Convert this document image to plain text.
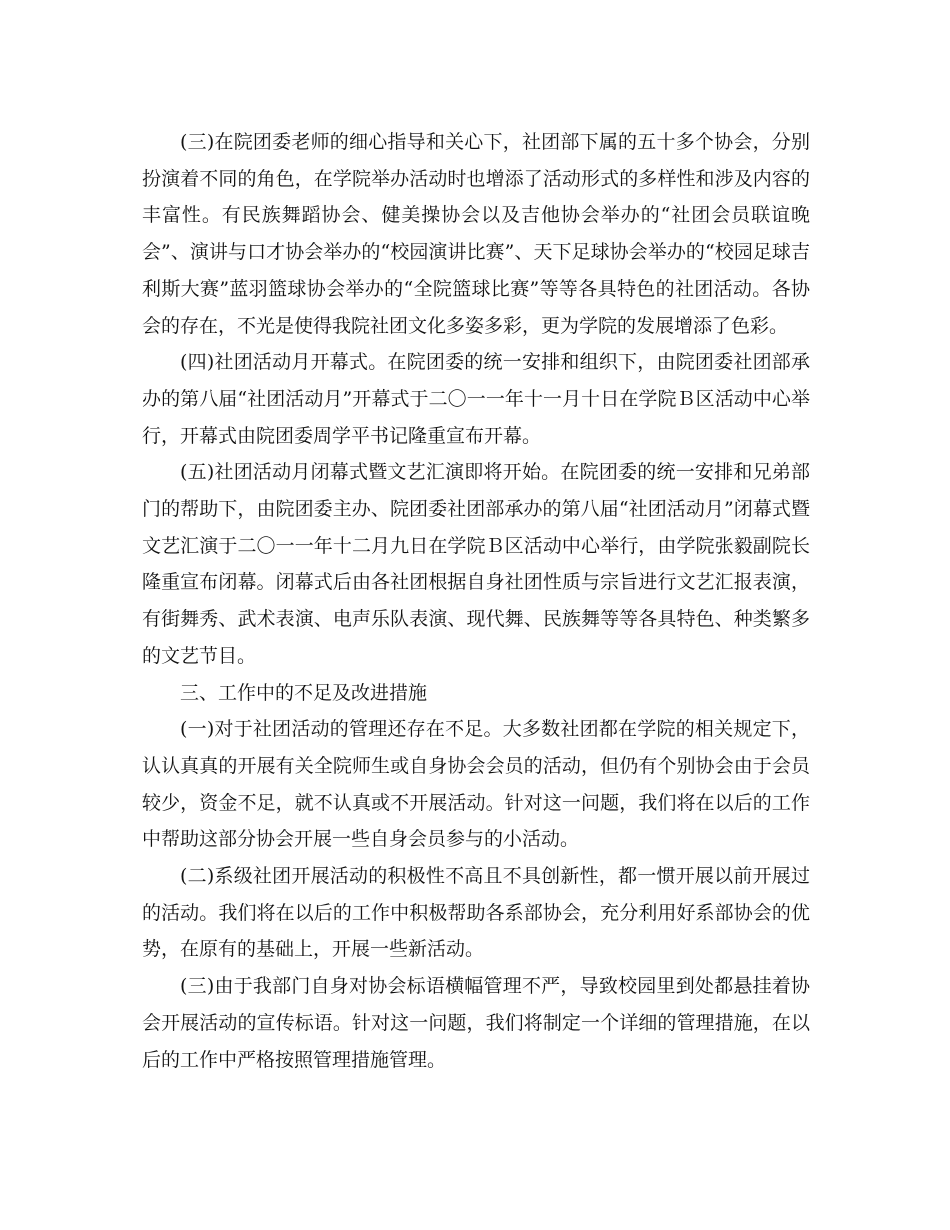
(三)在院团委老师的细心指导和关心下，社团部下属的五十多个协会，分别扮演着不同的角色，在学院举办活动时也增添了活动形式的多样性和涉及内容的丰富性。有民族舞蹈协会、健美操协会以及吉他协会举办的“社团会员联谊晚会”、演讲与口才协会举办的“校园演讲比赛”、天下足球协会举办的“校园足球吉利斯大赛”蓝羽篮球协会举办的“全院篮球比赛”等等各具特色的社团活动。各协会的存在，不光是使得我院社团文化多姿多彩，更为学院的发展增添了色彩。

(四)社团活动月开幕式。在院团委的统一安排和组织下，由院团委社团部承办的第八届“社团活动月”开幕式于二〇一一年十一月十日在学院Ｂ区活动中心举行，开幕式由院团委周学平书记隆重宣布开幕。

(五)社团活动月闭幕式暨文艺汇演即将开始。在院团委的统一安排和兄弟部门的帮助下，由院团委主办、院团委社团部承办的第八届“社团活动月”闭幕式暨文艺汇演于二〇一一年十二月九日在学院Ｂ区活动中心举行，由学院张毅副院长隆重宣布闭幕。闭幕式后由各社团根据自身社团性质与宗旨进行文艺汇报表演，有街舞秀、武术表演、电声乐队表演、现代舞、民族舞等等各具特色、种类繁多的文艺节目。

三、工作中的不足及改进措施

(一)对于社团活动的管理还存在不足。大多数社团都在学院的相关规定下，认认真真的开展有关全院师生或自身协会会员的活动，但仍有个别协会由于会员较少，资金不足，就不认真或不开展活动。针对这一问题，我们将在以后的工作中帮助这部分协会开展一些自身会员参与的小活动。

(二)系级社团开展活动的积极性不高且不具创新性，都一惯开展以前开展过的活动。我们将在以后的工作中积极帮助各系部协会，充分利用好系部协会的优势，在原有的基础上，开展一些新活动。

(三)由于我部门自身对协会标语横幅管理不严，导致校园里到处都悬挂着协会开展活动的宣传标语。针对这一问题，我们将制定一个详细的管理措施，在以后的工作中严格按照管理措施管理。
